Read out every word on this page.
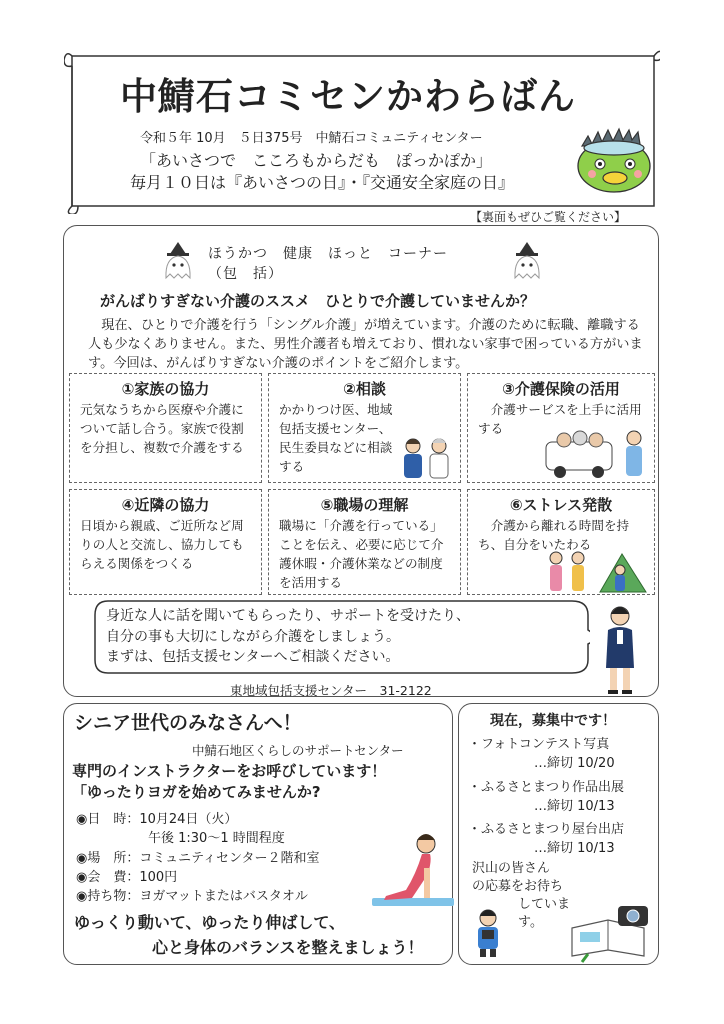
中鯖石コミセンかわらばん
令和５年 10月　５日375号　中鯖石コミュニティセンター
「あいさつで　こころもからだも　ぽっかぽか」
毎月１０日は『あいさつの日』・『交通安全家庭の日』
【裏面もぜひご覧ください】
ほうかつ　健康　ほっと　コーナー
（包　括）
がんばりすぎない介護のススメ　ひとりで介護していませんか？
現在、ひとりで介護を行う「シングル介護」が増えています。介護のために転職、離職する人も少なくありません。また、男性介護者も増えており、慣れない家事で困っている方がいます。今回は、がんばりすぎない介護のポイントをご紹介します。
①家族の協力
元気なうちから医療や介護について話し合う。家族で役割を分担し、複数で介護をする
②相談
かかりつけ医、地域包括支援センター、民生委員などに相談する
③介護保険の活用
　介護サービスを上手に活用する
④近隣の協力
日頃から親戚、ご近所など周りの人と交流し、協力してもらえる関係をつくる
⑤職場の理解
職場に「介護を行っている」ことを伝え、必要に応じて介護休暇・介護休業などの制度を活用する
⑥ストレス発散
　介護から離れる時間を持ち、自分をいたわる
身近な人に話を聞いてもらったり、サポートを受けたり、
自分の事も大切にしながら介護をしましょう。
まずは、包括支援センターへご相談ください。
東地域包括支援センター　31-2122
シニア世代のみなさんへ！
中鯖石地区くらしのサポートセンター
専門のインストラクターをお呼びしています！
「ゆったりヨガを始めてみませんか?
◉日　時：10月24日（火）
午後 1:30～1 時間程度
◉場　所：コミュニティセンター２階和室
◉会　費：100円
◉持ち物：ヨガマットまたはバスタオル
ゆっくり動いて、ゆったり伸ばして、
心と身体のバランスを整えましょう！
現在，募集中です！
・フォトコンテスト写真
…締切 10/20
・ふるさとまつり作品出展
…締切 10/13
・ふるさとまつり屋台出店
…締切 10/13
沢山の皆さん
の応募をお待ち
しています。
